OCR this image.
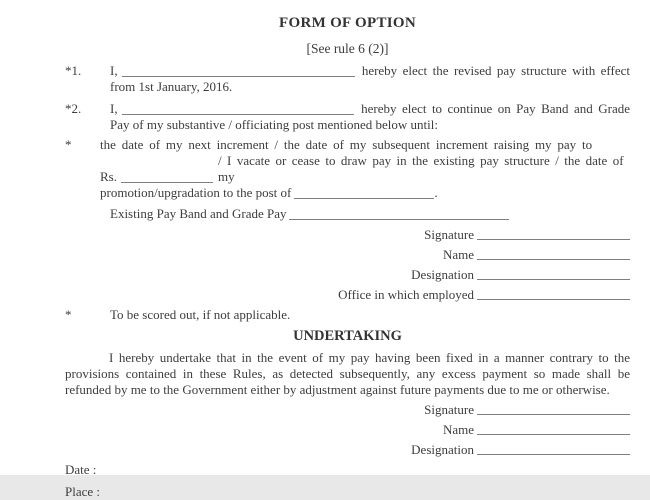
FORM OF OPTION
[See rule 6 (2)]
*1.	I,	hereby elect the revised pay structure with effect
from 1st January, 2016.
*2.	I,	hereby elect to continue on Pay Band and Grade
Pay of my substantive / officiating post mentioned below until:
*	the date of my next increment / the date of my subsequent increment raising my pay to
Rs.
/ I vacate or cease to draw pay in the existing pay structure / the date of my
promotion/upgradation to the post of	.
Existing Pay Band and Grade Pay
Signature
Name
Designation
Office in which employed
*	To be scored out, if not applicable.
UNDERTAKING
I hereby undertake that in the event of my pay having been fixed in a manner contrary to the provisions contained in these Rules, as detected subsequently, any excess payment so made shall be refunded by me to the Government either by adjustment against future payments due to me or otherwise.
Signature
Name
Designation
Date :
Place :
